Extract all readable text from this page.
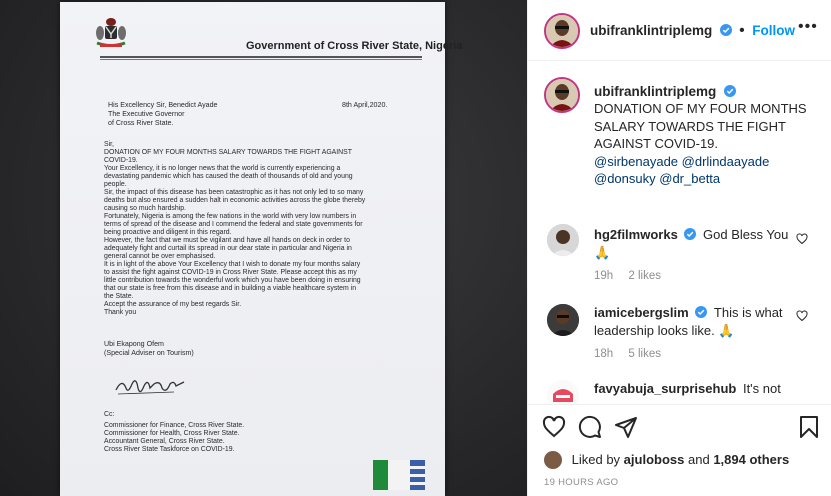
Government of Cross River State, Nigeria
His Excellency Sir, Benedict Ayade
The Executive Governor
of Cross River State.
8th April,2020.

Sir,

DONATION OF MY FOUR MONTHS SALARY TOWARDS THE FIGHT AGAINST

COVID-19.

Your Excellency, it is no longer news that the world is currently experiencing a

devastating pandemic which has caused the death of thousands of old and young

people.

Sir, the impact of this disease has been catastrophic as it has not only led to so many

deaths but also ensured a sudden halt in economic activities across the globe thereby

causing so much hardship.

Fortunately, Nigeria is among the few nations in the world with very low numbers in

terms of spread of the disease and I commend the federal and state governments for

being proactive and diligent in this regard.

However, the fact that we must be vigilant and have all hands on deck in order to

adequately fight and curtail its spread in our dear state in particular and Nigeria in

general cannot be over emphasised.

It is in light of the above Your Excellency that I wish to donate my four months salary

to assist the fight against COVID-19 in Cross River State. Please accept this as my

little contribution towards the wonderful work which you have been doing in ensuring

that our state is free from this disease and in building a viable healthcare system in

the State.

Accept the assurance of my best regards Sir.

Thank you

Ubi Ekapong Ofem
(Special Adviser on Tourism)
Cc:
Commissioner for Finance, Cross River State.
Commissioner for Health, Cross River State.
Accountant General, Cross River State.
Cross River State Taskforce on COVID-19.
ubifranklintriplemg • Follow •••
ubifranklintriplemg
DONATION OF MY FOUR MONTHS SALARY TOWARDS THE FIGHT AGAINST COVID-19.
@sirbenayade @drlindaayade
@donsuky @dr_betta
hg2filmworks God Bless You
🙏
19h 2 likes
iamicebergslim This is what leadership looks like. 🙏
18h 5 likes
favyabuja_surprisehub It's not
Liked by ajuloboss and 1,894 others
19 HOURS AGO
